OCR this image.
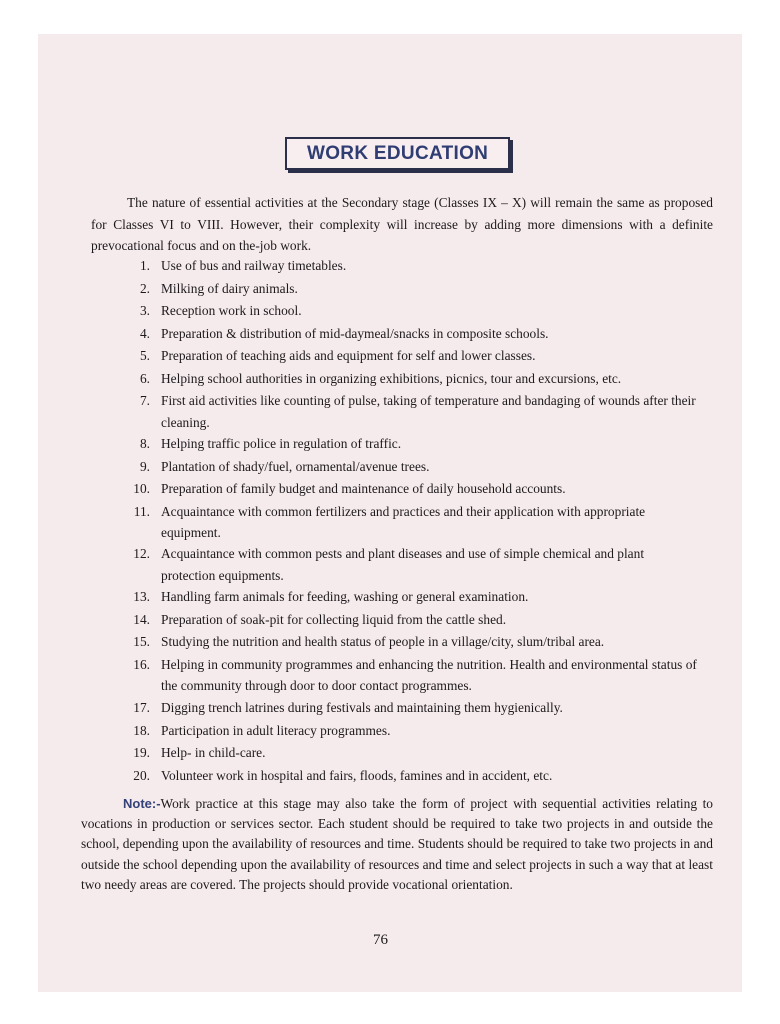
WORK EDUCATION

The nature of essential activities at the Secondary stage (Classes IX – X) will remain the same as proposed for Classes VI to VIII. However, their complexity will increase by adding more dimensions with a definite prevocational focus and on the-job work.

1. Use of bus and railway timetables.
2. Milking of dairy animals.
3. Reception work in school.
4. Preparation & distribution of mid-daymeal/snacks in composite schools.
5. Preparation of teaching aids and equipment for self and lower classes.
6. Helping school authorities in organizing exhibitions, picnics, tour and excursions, etc.
7. First aid activities like counting of pulse, taking of temperature and bandaging of wounds after their cleaning.
8. Helping traffic police in regulation of traffic.
9. Plantation of shady/fuel, ornamental/avenue trees.
10. Preparation of family budget and maintenance of daily household accounts.
11. Acquaintance with common fertilizers and practices and their application with appropriate equipment.
12. Acquaintance with common pests and plant diseases and use of simple chemical and plant protection equipments.
13. Handling farm animals for feeding, washing or general examination.
14. Preparation of soak-pit for collecting liquid from the cattle shed.
15. Studying the nutrition and health status of people in a village/city, slum/tribal area.
16. Helping in community programmes and enhancing the nutrition. Health and environmental status of the community through door to door contact programmes.
17. Digging trench latrines during festivals and maintaining them hygienically.
18. Participation in adult literacy programmes.
19. Help- in child-care.
20. Volunteer work in hospital and fairs, floods, famines and in accident, etc.

Note:-Work practice at this stage may also take the form of project with sequential activities relating to vocations in production or services sector. Each student should be required to take two projects in and outside the school, depending upon the availability of resources and time. Students should be required to take two projects in and outside the school depending upon the availability of resources and time and select projects in such a way that at least two needy areas are covered. The projects should provide vocational orientation.

76
